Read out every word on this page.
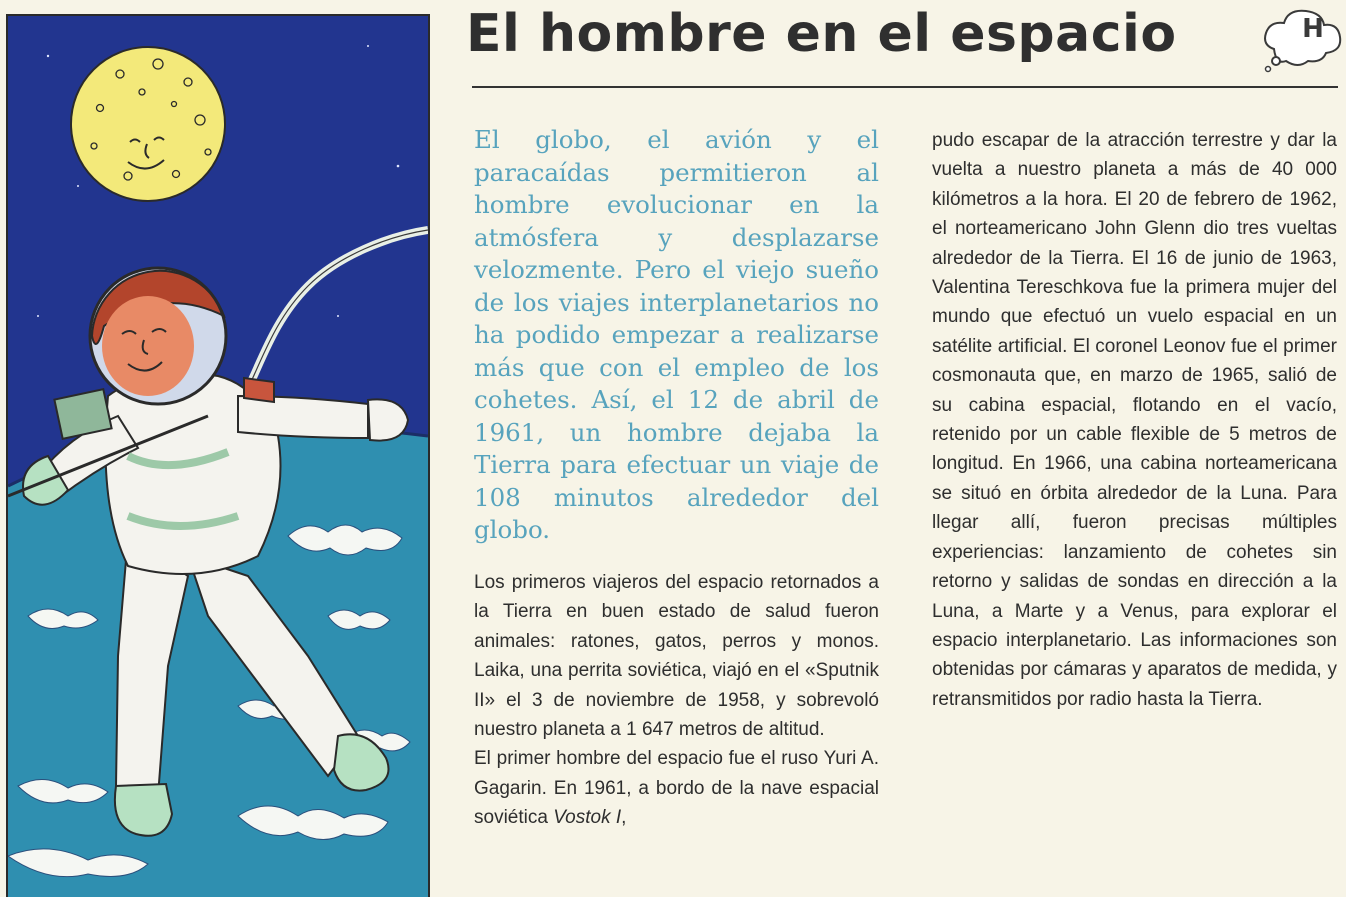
El hombre en el espacio	H

El globo, el avión y el paracaídas permitieron al hombre evolucionar en la atmósfera y desplazarse velozmente. Pero el viejo sueño de los viajes interplanetarios no ha podido empezar a realizarse más que con el empleo de los cohetes. Así, el 12 de abril de 1961, un hombre dejaba la Tierra para efectuar un viaje de 108 minutos alrededor del globo.

Los primeros viajeros del espacio retornados a la Tierra en buen estado de salud fueron animales: ratones, gatos, perros y monos. Laika, una perrita soviética, viajó en el «Sputnik II» el 3 de noviembre de 1958, y sobrevoló nuestro planeta a 1 647 metros de altitud.

El primer hombre del espacio fue el ruso Yuri A. Gagarin. En 1961, a bordo de la nave espacial soviética Vostok I,

pudo escapar de la atracción terrestre y dar la vuelta a nuestro planeta a más de 40 000 kilómetros a la hora. El 20 de febrero de 1962, el norteamericano John Glenn dio tres vueltas alrededor de la Tierra. El 16 de junio de 1963, Valentina Tereschkova fue la primera mujer del mundo que efectuó un vuelo espacial en un satélite artificial. El coronel Leonov fue el primer cosmonauta que, en marzo de 1965, salió de su cabina espacial, flotando en el vacío, retenido por un cable flexible de 5 metros de longitud. En 1966, una cabina norteamericana se situó en órbita alrededor de la Luna. Para llegar allí, fueron precisas múltiples experiencias: lanzamiento de cohetes sin retorno y salidas de sondas en dirección a la Luna, a Marte y a Venus, para explorar el espacio interplanetario. Las informaciones son obtenidas por cámaras y aparatos de medida, y retransmitidos por radio hasta la Tierra.
